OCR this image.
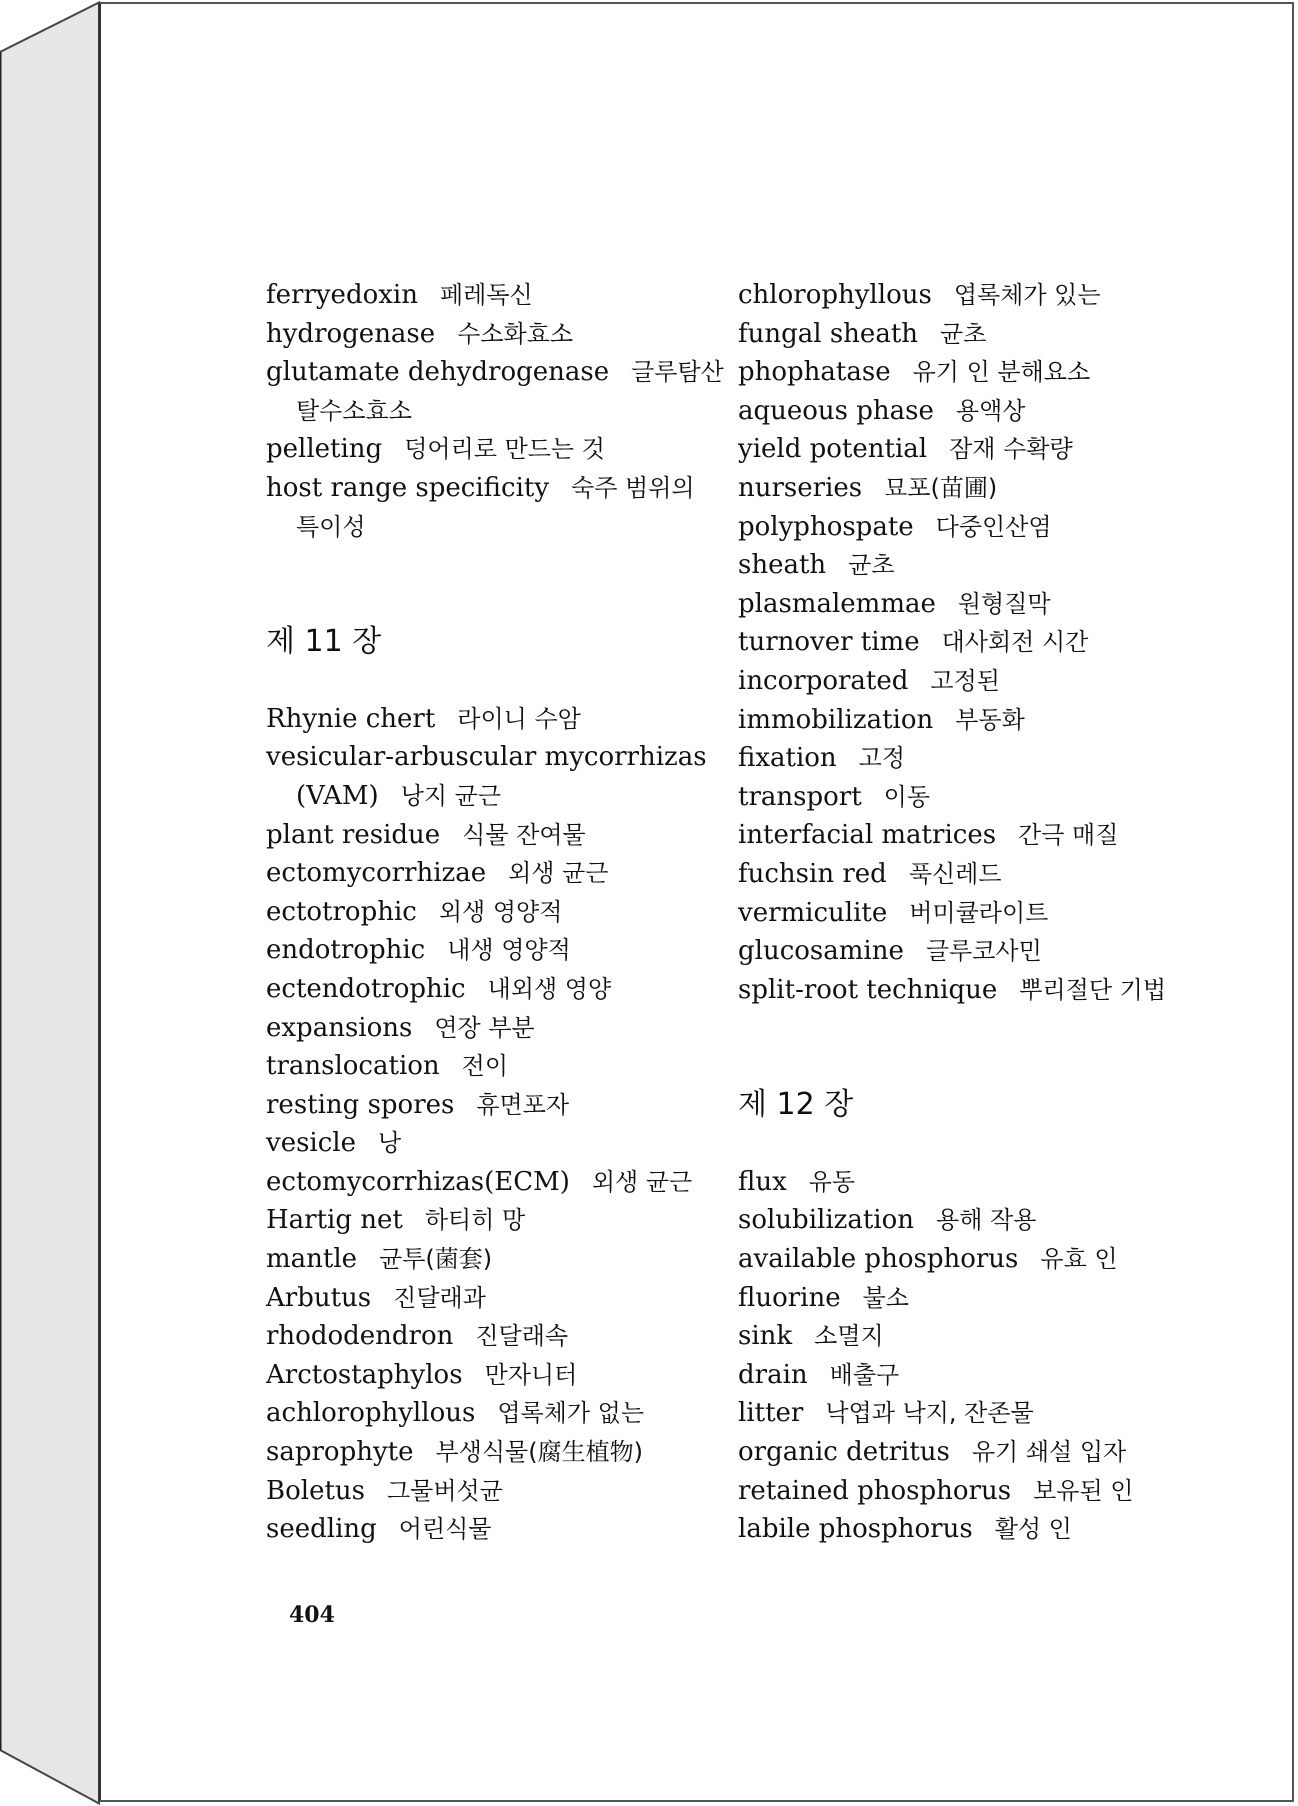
ferryedoxin 페레독신
hydrogenase 수소화효소
glutamate dehydrogenase 글루탐산
탈수소효소
pelleting 덩어리로 만드는 것
host range specificity 숙주 범위의
특이성
제 11 장
Rhynie chert 라이니 수암
vesicular-arbuscular mycorrhizas
(VAM) 낭지 균근
plant residue 식물 잔여물
ectomycorrhizae 외생 균근
ectotrophic 외생 영양적
endotrophic 내생 영양적
ectendotrophic 내외생 영양
expansions 연장 부분
translocation 전이
resting spores 휴면포자
vesicle 낭
ectomycorrhizas(ECM) 외생 균근
Hartig net 하티히 망
mantle 균투(菌套)
Arbutus 진달래과
rhododendron 진달래속
Arctostaphylos 만자니터
achlorophyllous 엽록체가 없는
saprophyte 부생식물(腐生植物)
Boletus 그물버섯균
seedling 어린식물
chlorophyllous 엽록체가 있는
fungal sheath 균초
phophatase 유기 인 분해요소
aqueous phase 용액상
yield potential 잠재 수확량
nurseries 묘포(苗圃)
polyphospate 다중인산염
sheath 균초
plasmalemmae 원형질막
turnover time 대사회전 시간
incorporated 고정된
immobilization 부동화
fixation 고정
transport 이동
interfacial matrices 간극 매질
fuchsin red 푹신레드
vermiculite 버미큘라이트
glucosamine 글루코사민
split-root technique 뿌리절단 기법
제 12 장
flux 유동
solubilization 용해 작용
available phosphorus 유효 인
fluorine 불소
sink 소멸지
drain 배출구
litter 낙엽과 낙지, 잔존물
organic detritus 유기 쇄설 입자
retained phosphorus 보유된 인
labile phosphorus 활성 인
404
